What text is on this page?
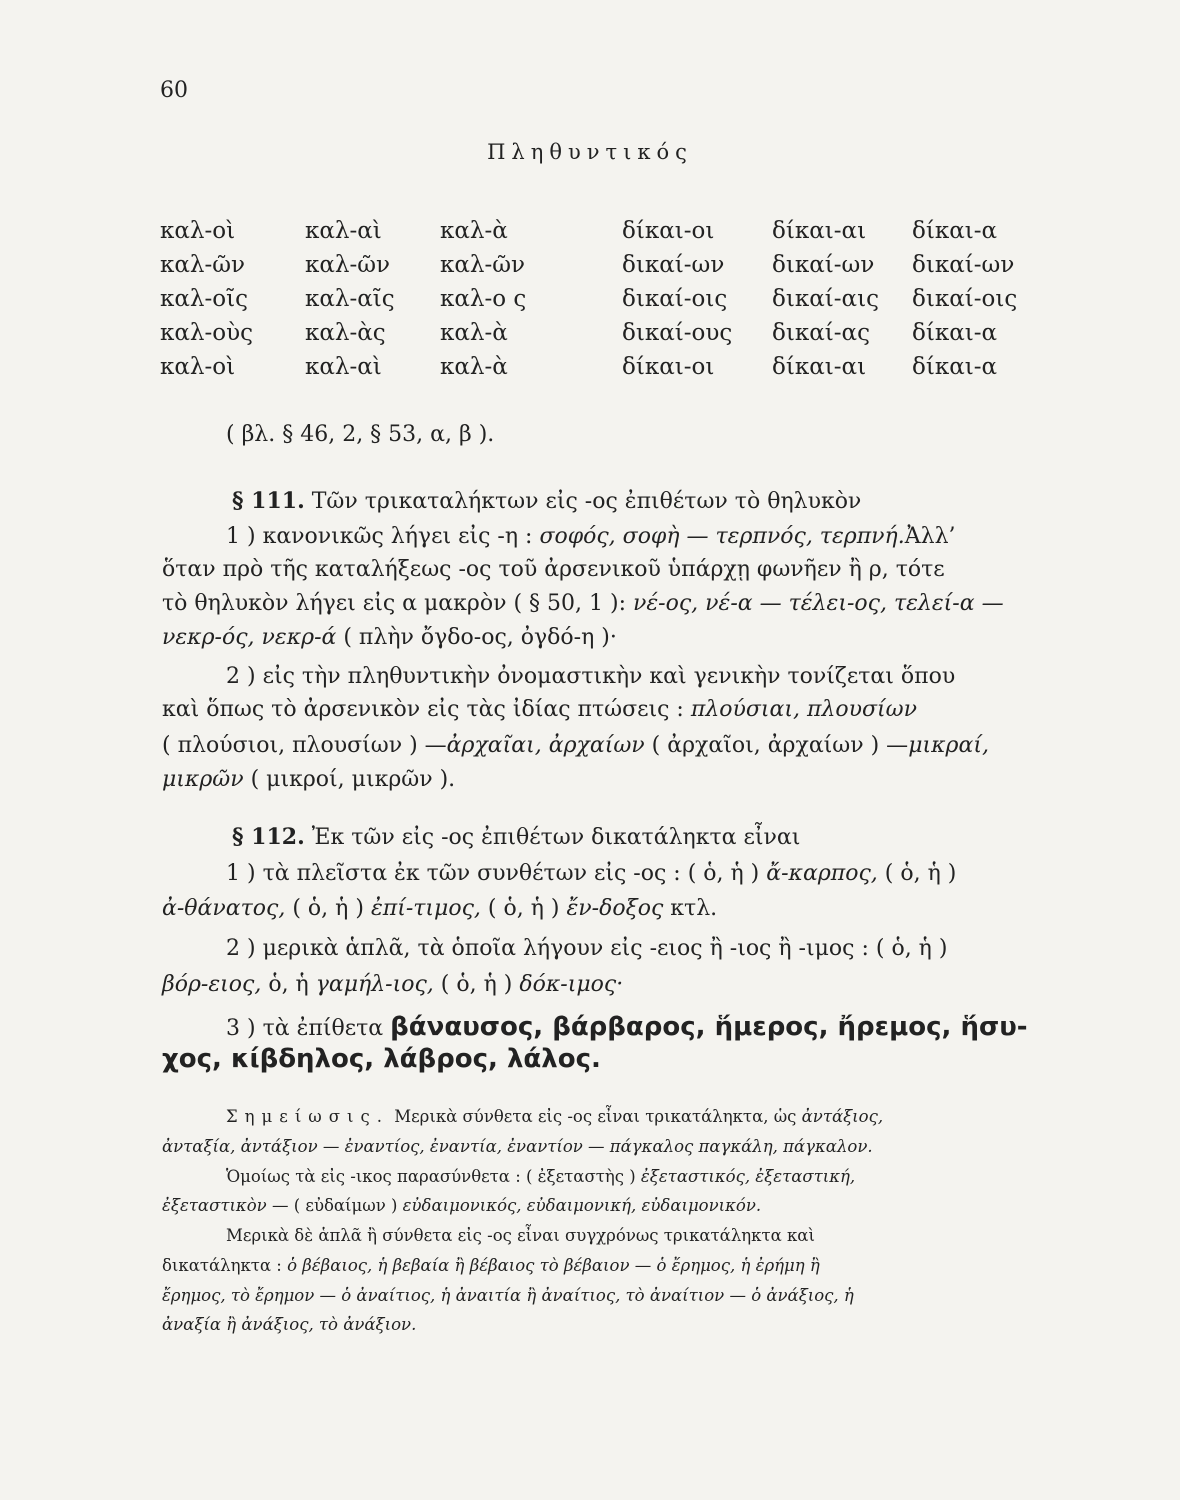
60
Πληθυντικός
καλ-οὶ	καλ-αὶ	καλ-ὰ	δίκαι-οι	δίκαι-αι δίκαι-α
καλ-ῶν	καλ-ῶν καλ-ῶν	δικαί-ων δικαί-ων δικαί-ων
καλ-οῖς καλ-αῖς καλ-ο ς	δικαί-οις δικαί-αις δικαί-οις
καλ-οὺς καλ-ὰς καλ-ὰ	δικαί-ους δικαί-ας δίκαι-α
καλ-οὶ	καλ-αὶ	καλ-ὰ	δίκαι-οι	δίκαι-αι δίκαι-α
( βλ. § 46, 2, § 53, α, β ).
§ 111. Τῶν τρικαταλήκτων εἰς -ος ἐπιθέτων τὸ θηλυκὸν
1 ) κανονικῶς λήγει εἰς -η : σοφός, σοφὴ — τερπνός, τερπνή.Ἀλλ’
ὅταν πρὸ τῆς καταλήξεως -ος τοῦ ἀρσενικοῦ ὑπάρχῃ φωνῆεν ἢ ρ, τότε
τὸ θηλυκὸν λήγει εἰς α μακρὸν ( § 50, 1 ): νέ-ος, νέ-α — τέλει-ος, τελεί-α —
νεκρ-ός, νεκρ-ά ( πλὴν ὄγδο-ος, ὀγδό-η )·
2 ) εἰς τὴν πληθυντικὴν ὀνομαστικὴν καὶ γενικὴν τονίζεται ὅπου
καὶ ὅπως τὸ ἀρσενικὸν εἰς τὰς ἰδίας πτώσεις : πλούσιαι, πλουσίων
( πλούσιοι, πλουσίων ) —ἀρχαῖαι, ἀρχαίων ( ἀρχαῖοι, ἀρχαίων ) —μικραί,
μικρῶν ( μικροί, μικρῶν ).
§ 112. Ἐκ τῶν εἰς -ος ἐπιθέτων δικατάληκτα εἶναι
1 ) τὰ πλεῖστα ἐκ τῶν συνθέτων εἰς -ος : ( ὁ, ἡ ) ἄ-καρπος, ( ὁ, ἡ )
ἀ-θάνατος, ( ὁ, ἡ ) ἐπί-τιμος, ( ὁ, ἡ ) ἔν-δοξος κτλ.
2 ) μερικὰ ἁπλᾶ, τὰ ὁποῖα λήγουν εἰς -ειος ἢ -ιος ἢ -ιμος : ( ὁ, ἡ )
βόρ-ειος, ὁ, ἡ γαμήλ-ιος, ( ὁ, ἡ ) δόκ-ιμος·
3 ) τὰ ἐπίθετα βάναυσος, βάρβαρος, ἥμερος, ἤρεμος, ἥσυ-
χος, κίβδηλος, λάβρος, λάλος.
Σημείωσις. Μερικὰ σύνθετα εἰς -ος εἶναι τρικατάληκτα, ὡς ἀντάξιος,
ἀνταξία, ἀντάξιον — ἐναντίος, ἐναντία, ἐναντίον — πάγκαλος παγκάλη, πάγκαλον.
Ὁμοίως τὰ εἰς -ικος παρασύνθετα : ( ἐξεταστὴς ) ἐξεταστικός, ἐξεταστική,
ἐξεταστικὸν — ( εὐδαίμων ) εὐδαιμονικός, εὐδαιμονική, εὐδαιμονικόν.
Μερικὰ δὲ ἁπλᾶ ἢ σύνθετα εἰς -ος εἶναι συγχρόνως τρικατάληκτα καὶ
δικατάληκτα : ὁ βέβαιος, ἡ βεβαία ἢ βέβαιος τὸ βέβαιον — ὁ ἔρημος, ἡ ἐρήμη ἢ
ἔρημος, τὸ ἔρημον — ὁ ἀναίτιος, ἡ ἀναιτία ἢ ἀναίτιος, τὸ ἀναίτιον — ὁ ἀνάξιος, ἡ
ἀναξία ἢ ἀνάξιος, τὸ ἀνάξιον.
